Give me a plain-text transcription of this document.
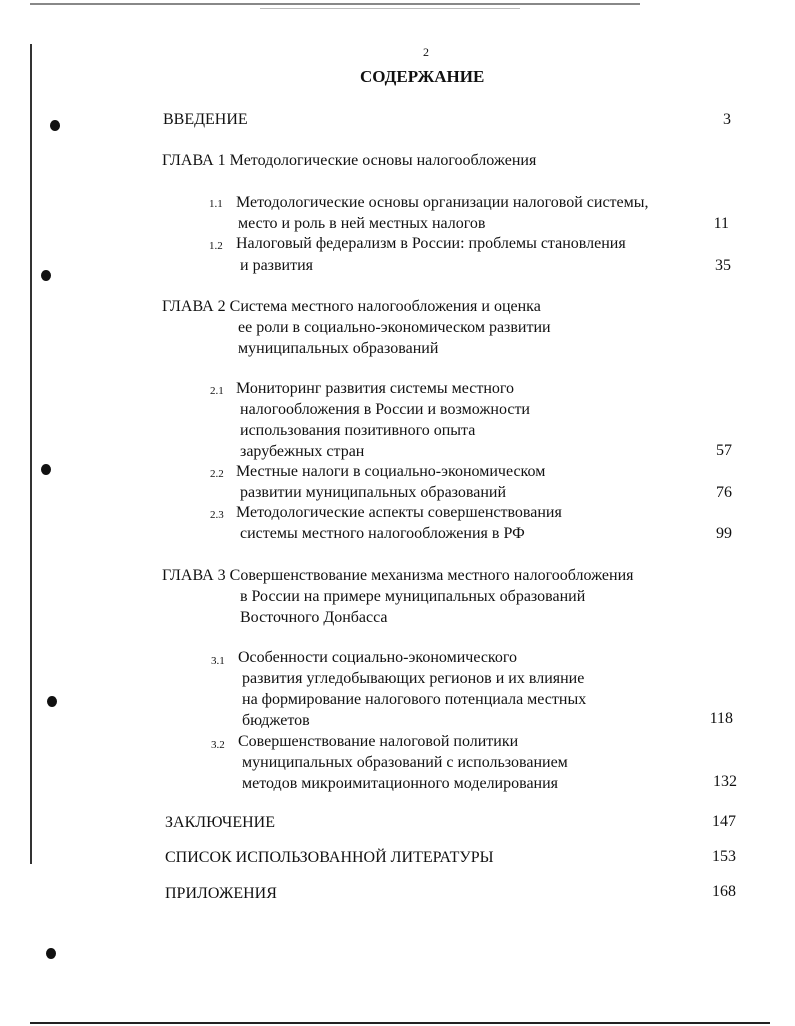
2
СОДЕРЖАНИЕ
ВВЕДЕНИЕ	3
ГЛАВА 1 Методологические основы налогообложения
1.1 Методологические основы организации налоговой системы,
место и роль в ней местных налогов	11
1.2 Налоговый федерализм в России: проблемы становления
и развития	35
ГЛАВА 2 Система местного налогообложения и оценка
ее роли в социально-экономическом развитии
муниципальных образований
2.1 Мониторинг развития системы местного
налогообложения в России и возможности
использования позитивного опыта
зарубежных стран	57
2.2 Местные налоги в социально-экономическом
развитии муниципальных образований	76
2.3 Методологические аспекты совершенствования
системы местного налогообложения в РФ	99
ГЛАВА 3 Совершенствование механизма местного налогообложения
в России на примере муниципальных образований
Восточного Донбасса
3.1 Особенности социально-экономического
развития угледобывающих регионов и их влияние
на формирование налогового потенциала местных
бюджетов	118
3.2 Совершенствование налоговой политики
муниципальных образований с использованием
методов микроимитационного моделирования	132
ЗАКЛЮЧЕНИЕ	147
СПИСОК ИСПОЛЬЗОВАННОЙ ЛИТЕРАТУРЫ	153
ПРИЛОЖЕНИЯ	168
